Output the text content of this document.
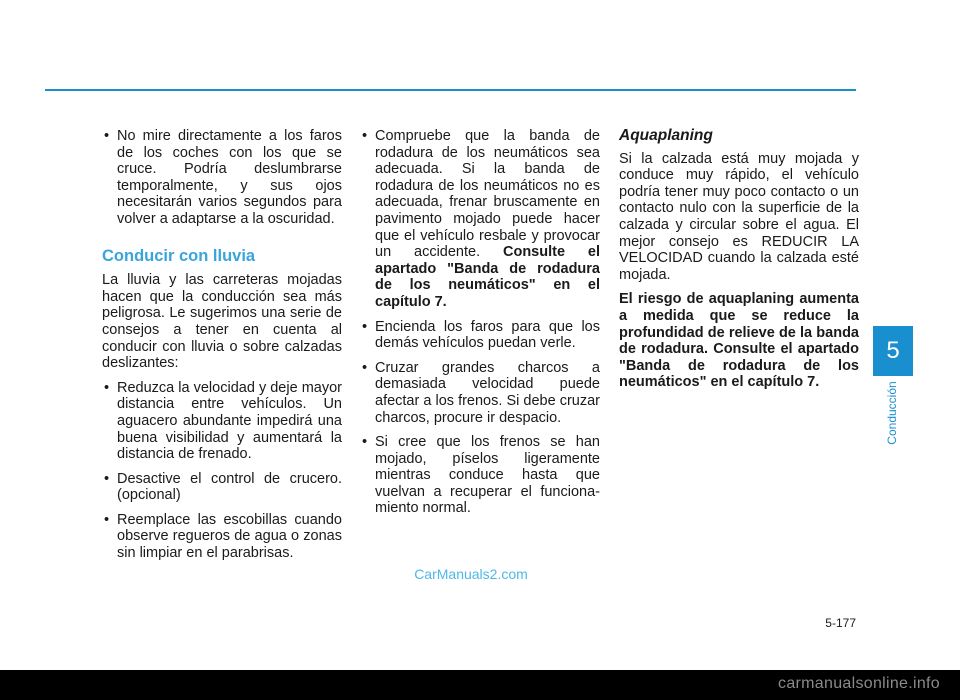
• No mire directamente a los faros de los coches con los que se cruce. Podría deslumbrarse temporalmente, y sus ojos necesitarán varios segundos para volver a adaptarse a la oscuridad.
Conducir con lluvia

La lluvia y las carreteras mojadas hacen que la conducción sea más peligrosa. Le sugerimos una serie de consejos a tener en cuenta al conducir con lluvia o sobre calzadas deslizantes:

• Reduzca la velocidad y deje mayor distancia entre vehículos. Un aguacero abundante impedirá una buena visibilidad y aumentará la distancia de frenado.
• Desactive el control de crucero. (opcional)
• Reemplace las escobillas cuando observe regueros de agua o zonas sin limpiar en el parabrisas.
• Compruebe que la banda de rodadura de los neumáticos sea adecuada. Si la banda de rodadura de los neumáticos no es adecuada, frenar bruscamente en pavimento mojado puede hacer que el vehículo resbale y provocar un accidente. Consulte el apartado "Banda de rodadura de los neumáticos" en el capítulo 7.
• Encienda los faros para que los demás vehículos puedan verle.
• Cruzar grandes charcos a demasiada velocidad puede afectar a los frenos. Si debe cruzar charcos, procure ir despacio.
• Si cree que los frenos se han mojado, píselos ligeramente mientras conduce hasta que vuelvan a recuperar el funciona-miento normal.
Aquaplaning

Si la calzada está muy mojada y conduce muy rápido, el vehículo podría tener muy poco contacto o un contacto nulo con la superficie de la calzada y circular sobre el agua. El mejor consejo es REDUCIR LA VELOCIDAD cuando la calzada esté mojada.

El riesgo de aquaplaning aumenta a medida que se reduce la profundidad de relieve de la banda de rodadura. Consulte el apartado "Banda de rodadura de los neumáticos" en el capítulo 7.

5
Conducción
CarManuals2.com
5-177
carmanualsonline.info
